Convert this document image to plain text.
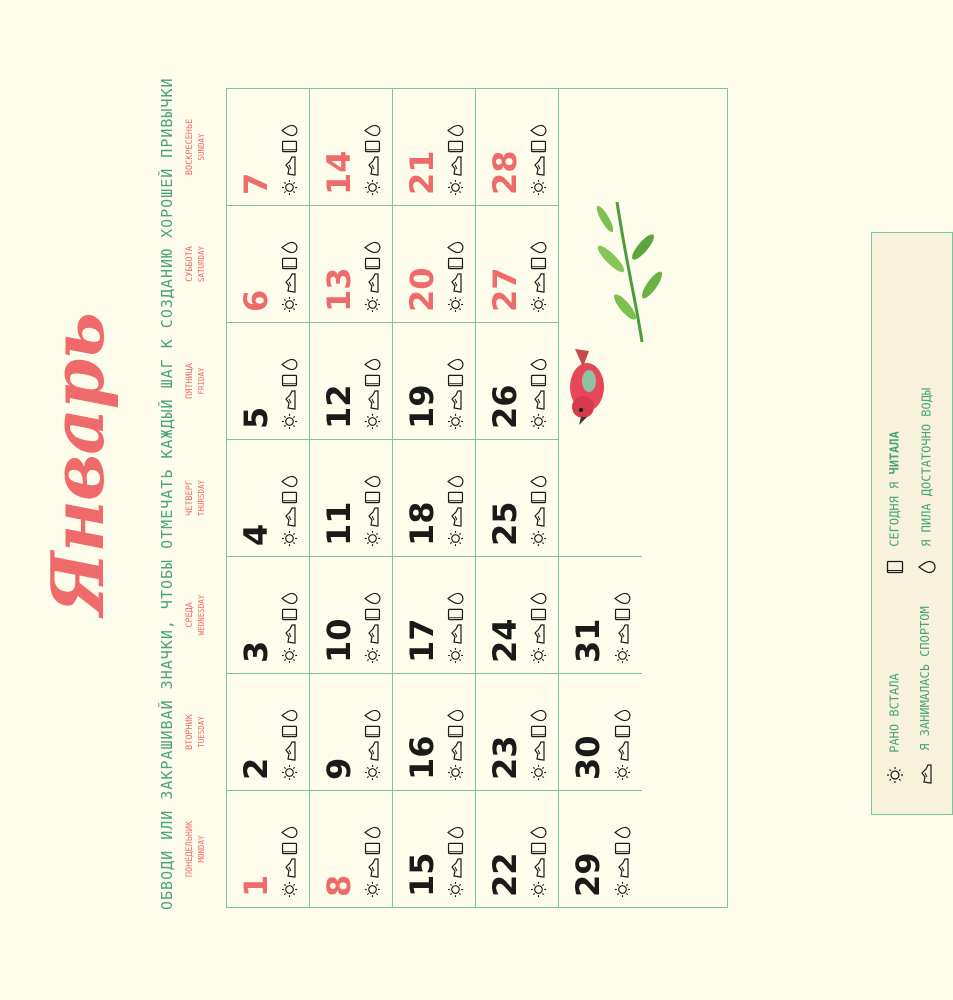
Январь	ОБВОДИ ИЛИ ЗАКРАШИВАЙ ЗНАЧКИ, ЧТОБЫ ОТМЕЧАТЬ КАЖДЫЙ ШАГ К СОЗДАНИЮ ХОРОШЕЙ ПРИВЫЧКИ ПОНЕДЕЛЬНИК MONDAY
ВТОРНИК TUESDAY
СРЕДА WEDNESDAY
ЧЕТВЕРГ THURSDAY
ПЯТНИЦА FRIDAY
СУББОТА SATURDAY
ВОСКРЕСЕНЬЕ SUNDAY
31
30
29
28
27
26
25
24
23
22
21
20
19
18
17
16
15
14
13
12
11
10
9
8
7
6
5
4
3
2
1
РАНО ВСТАЛА Я ЗАНИМАЛАСЬ СПОРТОМ
СЕГОДНЯ Я ЧИТАЛА Я ПИЛА ДОСТАТОЧНО ВОДЫ
